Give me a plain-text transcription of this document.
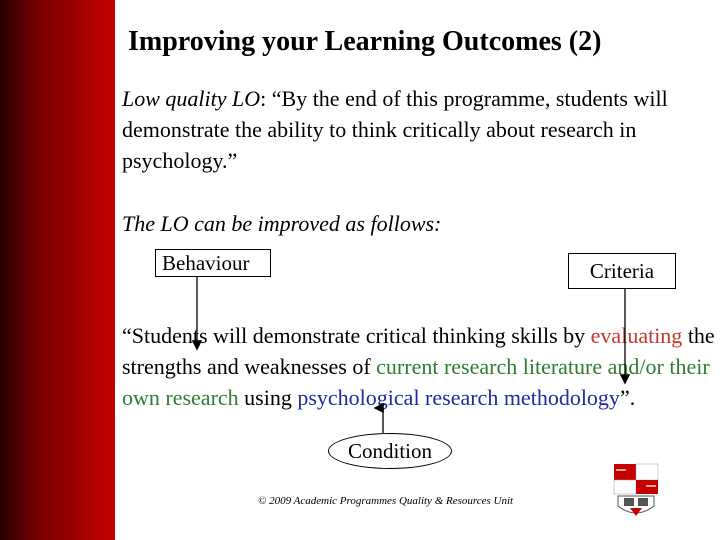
Improving your Learning Outcomes (2)
Low quality LO: “By the end of this programme, students will demonstrate the ability to think critically about research in psychology.”
The LO can be improved as follows:
“Students will demonstrate critical thinking skills by evaluating the strengths and weaknesses of current research literature and/or their own research using psychological research methodology”.
Behaviour	Criteria
Condition
© 2009 Academic Programmes Quality & Resources Unit
